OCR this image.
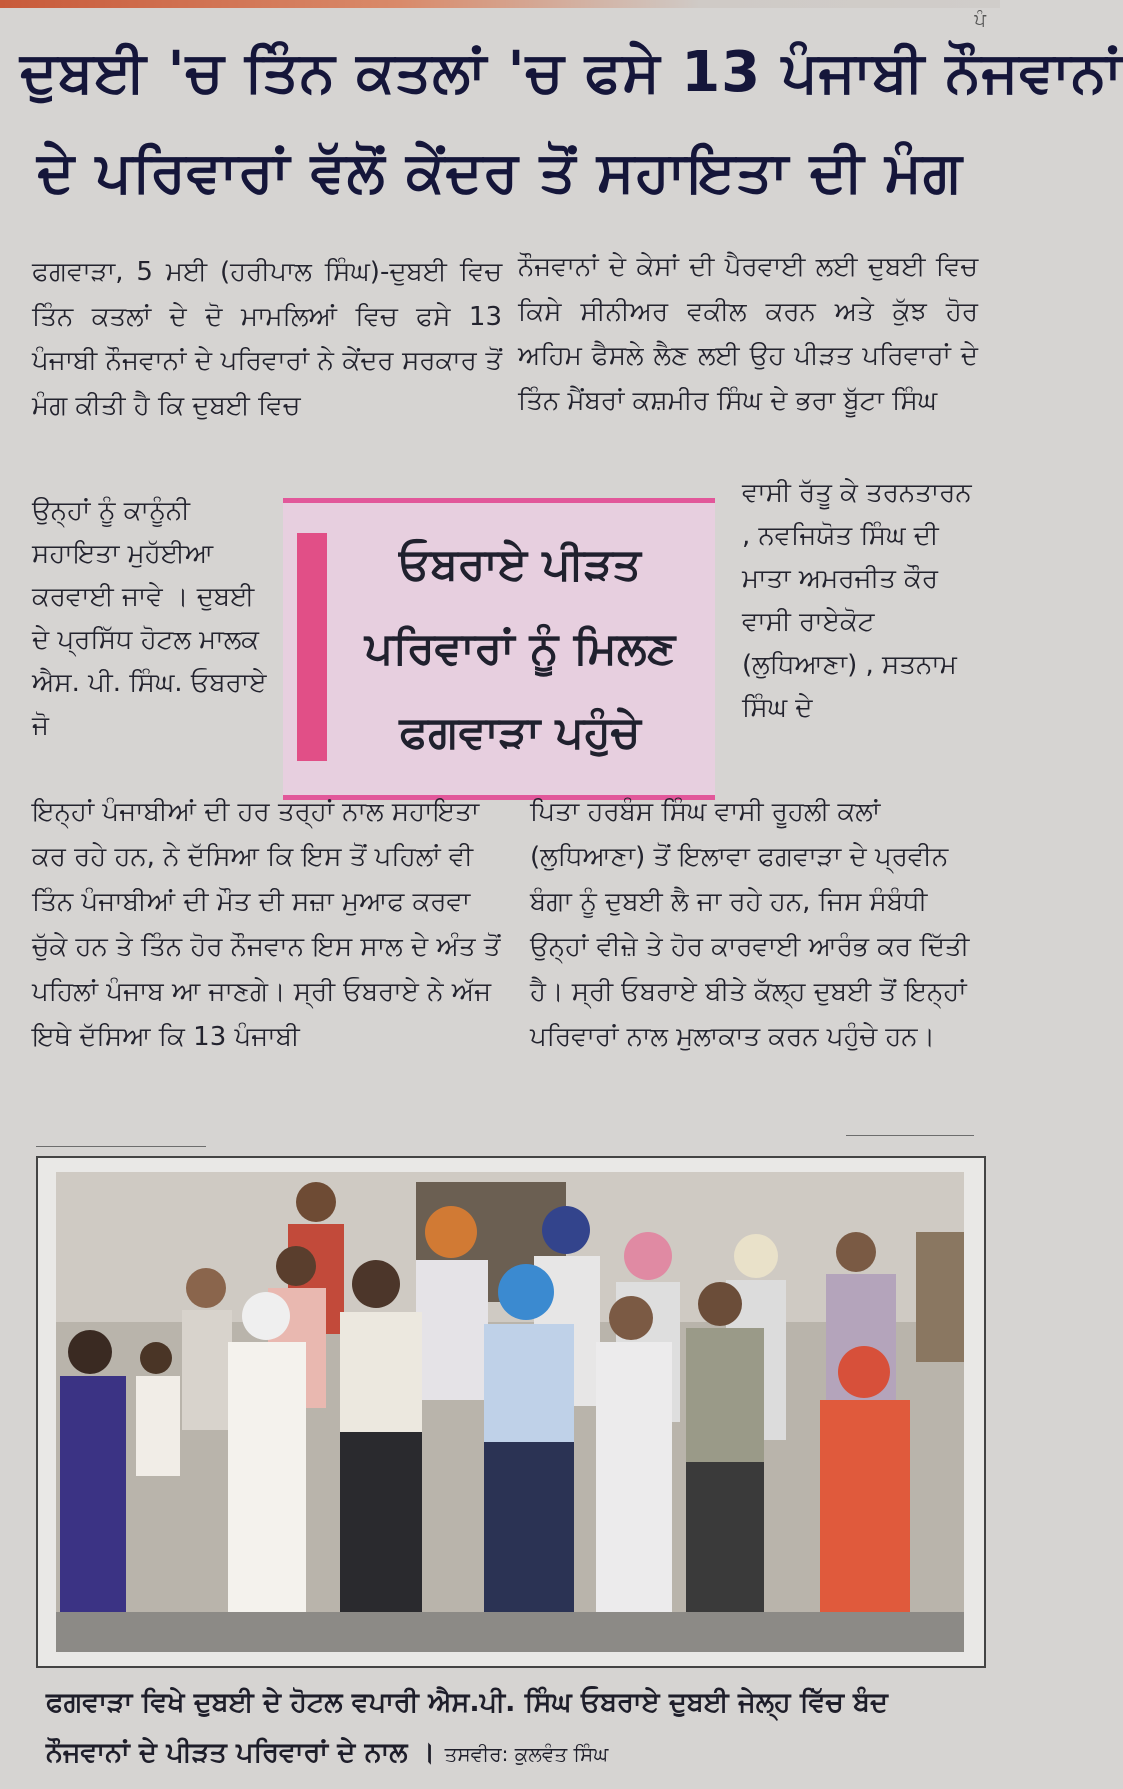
ਪੰ
ਦੁਬਈ 'ਚ ਤਿੰਨ ਕਤਲਾਂ 'ਚ ਫਸੇ 13 ਪੰਜਾਬੀ ਨੌਜਵਾਨਾਂ
ਦੇ ਪਰਿਵਾਰਾਂ ਵੱਲੋਂ ਕੇਂਦਰ ਤੋਂ ਸਹਾਇਤਾ ਦੀ ਮੰਗ

ਫਗਵਾੜਾ, 5 ਮਈ (ਹਰੀਪਾਲ ਸਿੰਘ)-ਦੁਬਈ ਵਿਚ ਤਿੰਨ ਕਤਲਾਂ ਦੇ ਦੋ ਮਾਮਲਿਆਂ ਵਿਚ ਫਸੇ 13 ਪੰਜਾਬੀ ਨੌਜਵਾਨਾਂ ਦੇ ਪਰਿਵਾਰਾਂ ਨੇ ਕੇਂਦਰ ਸਰਕਾਰ ਤੋਂ ਮੰਗ ਕੀਤੀ ਹੈ ਕਿ ਦੁਬਈ ਵਿਚ

ਉਨ੍ਹਾਂ ਨੂੰ ਕਾਨੂੰਨੀ ਸਹਾਇਤਾ ਮੁਹੱਈਆ ਕਰਵਾਈ ਜਾਵੇ । ਦੁਬਈ ਦੇ ਪ੍ਰਸਿੱਧ ਹੋਟਲ ਮਾਲਕ ਐਸ. ਪੀ. ਸਿੰਘ. ਓਬਰਾਏ ਜੋ

ਨੌਜਵਾਨਾਂ ਦੇ ਕੇਸਾਂ ਦੀ ਪੈਰਵਾਈ ਲਈ ਦੁਬਈ ਵਿਚ ਕਿਸੇ ਸੀਨੀਅਰ ਵਕੀਲ ਕਰਨ ਅਤੇ ਕੁੱਝ ਹੋਰ ਅਹਿਮ ਫੈਸਲੇ ਲੈਣ ਲਈ ਉਹ ਪੀੜਤ ਪਰਿਵਾਰਾਂ ਦੇ ਤਿੰਨ ਮੈਂਬਰਾਂ ਕਸ਼ਮੀਰ ਸਿੰਘ ਦੇ ਭਰਾ ਬੂੱਟਾ ਸਿੰਘ

ਵਾਸੀ ਰੱਤੂ ਕੇ ਤਰਨਤਾਰਨ , ਨਵਜਿਯੋਤ ਸਿੰਘ ਦੀ ਮਾਤਾ ਅਮਰਜੀਤ ਕੌਰ ਵਾਸੀ ਰਾਏਕੋਟ (ਲੁਧਿਆਣਾ) , ਸਤਨਾਮ ਸਿੰਘ ਦੇ
ਓਬਰਾਏ ਪੀੜਤ
ਪਰਿਵਾਰਾਂ ਨੂੰ ਮਿਲਣ
ਫਗਵਾੜਾ ਪਹੁੰਚੇ
ਇਨ੍ਹਾਂ ਪੰਜਾਬੀਆਂ ਦੀ ਹਰ ਤਰ੍ਹਾਂ ਨਾਲ ਸਹਾਇਤਾ ਕਰ ਰਹੇ ਹਨ, ਨੇ ਦੱਸਿਆ ਕਿ ਇਸ ਤੋਂ ਪਹਿਲਾਂ ਵੀ ਤਿੰਨ ਪੰਜਾਬੀਆਂ ਦੀ ਮੌਤ ਦੀ ਸਜ਼ਾ ਮੁਆਫ ਕਰਵਾ ਚੁੱਕੇ ਹਨ ਤੇ ਤਿੰਨ ਹੋਰ ਨੌਜਵਾਨ ਇਸ ਸਾਲ ਦੇ ਅੰਤ ਤੋਂ ਪਹਿਲਾਂ ਪੰਜਾਬ ਆ ਜਾਣਗੇ। ਸ੍ਰੀ ਓਬਰਾਏ ਨੇ ਅੱਜ ਇਥੇ ਦੱਸਿਆ ਕਿ 13 ਪੰਜਾਬੀ
ਪਿਤਾ ਹਰਬੰਸ ਸਿੰਘ ਵਾਸੀ ਰੂਹਲੀ ਕਲਾਂ (ਲੁਧਿਆਣਾ) ਤੋਂ ਇਲਾਵਾ ਫਗਵਾੜਾ ਦੇ ਪ੍ਰਵੀਨ ਬੰਗਾ ਨੂੰ ਦੁਬਈ ਲੈ ਜਾ ਰਹੇ ਹਨ, ਜਿਸ ਸੰਬੰਧੀ ਉਨ੍ਹਾਂ ਵੀਜ਼ੇ ਤੇ ਹੋਰ ਕਾਰਵਾਈ ਆਰੰਭ ਕਰ ਦਿੱਤੀ ਹੈ। ਸ੍ਰੀ ਓਬਰਾਏ ਬੀਤੇ ਕੱਲ੍ਹ ਦੁਬਈ ਤੋਂ ਇਨ੍ਹਾਂ ਪਰਿਵਾਰਾਂ ਨਾਲ ਮੁਲਾਕਾਤ ਕਰਨ ਪਹੁੰਚੇ ਹਨ।
ਫਗਵਾੜਾ ਵਿਖੇ ਦੁਬਈ ਦੇ ਹੋਟਲ ਵਪਾਰੀ ਐਸ.ਪੀ. ਸਿੰਘ ਓਬਰਾਏ ਦੁਬਈ ਜੇਲ੍ਹ ਵਿੱਚ ਬੰਦ ਨੌਜਵਾਨਾਂ ਦੇ ਪੀੜਤ ਪਰਿਵਾਰਾਂ ਦੇ ਨਾਲ । ਤਸਵੀਰ: ਕੁਲਵੰਤ ਸਿੰਘ
